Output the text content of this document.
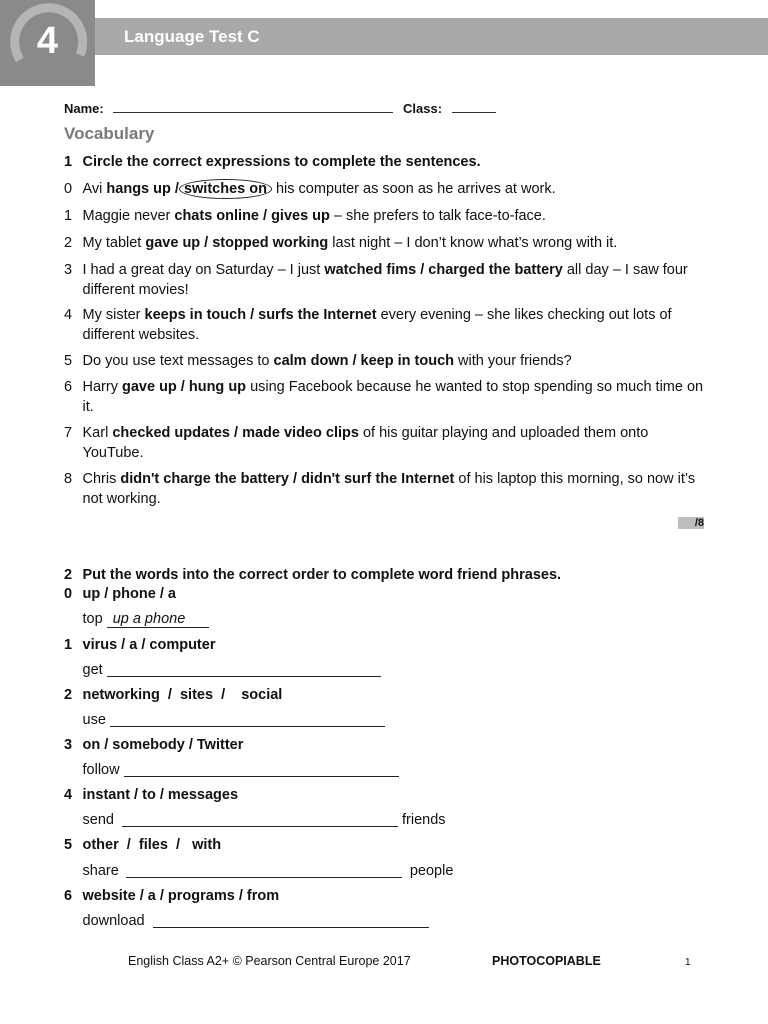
4	Language Test C
Name:	Class:
Vocabulary
1 Circle the correct expressions to complete the sentences.
0 Avi hangs up / switches on his computer as soon as he arrives at work.
1 Maggie never chats online / gives up – she prefers to talk face-to-face.
2 My tablet gave up / stopped working last night – I don’t know what’s wrong with it.
3 I had a great day on Saturday – I just watched fims / charged the battery all day – I saw four different movies!
4 My sister keeps in touch / surfs the Internet every evening – she likes checking out lots of different websites.
5 Do you use text messages to calm down / keep in touch with your friends?
6 Harry gave up / hung up using Facebook because he wanted to stop spending so much time on it.
7 Karl checked updates / made video clips of his guitar playing and uploaded them onto YouTube.
8 Chris didn't charge the battery / didn't surf the Internet of his laptop this morning, so now it’s not working.
/8
2 Put the words into the correct order to complete word friend phrases.
0 up / phone / a
top up a phone
1 virus / a / computer
get
2 networking  /  sites  /    social
use
3 on / somebody / Twitter
follow
4 instant / to / messages
send	friends
5 other  /  files  /   with
share	people
6 website / a / programs / from
download
English Class A2+ © Pearson Central Europe 2017	PHOTOCOPIABLE	1
